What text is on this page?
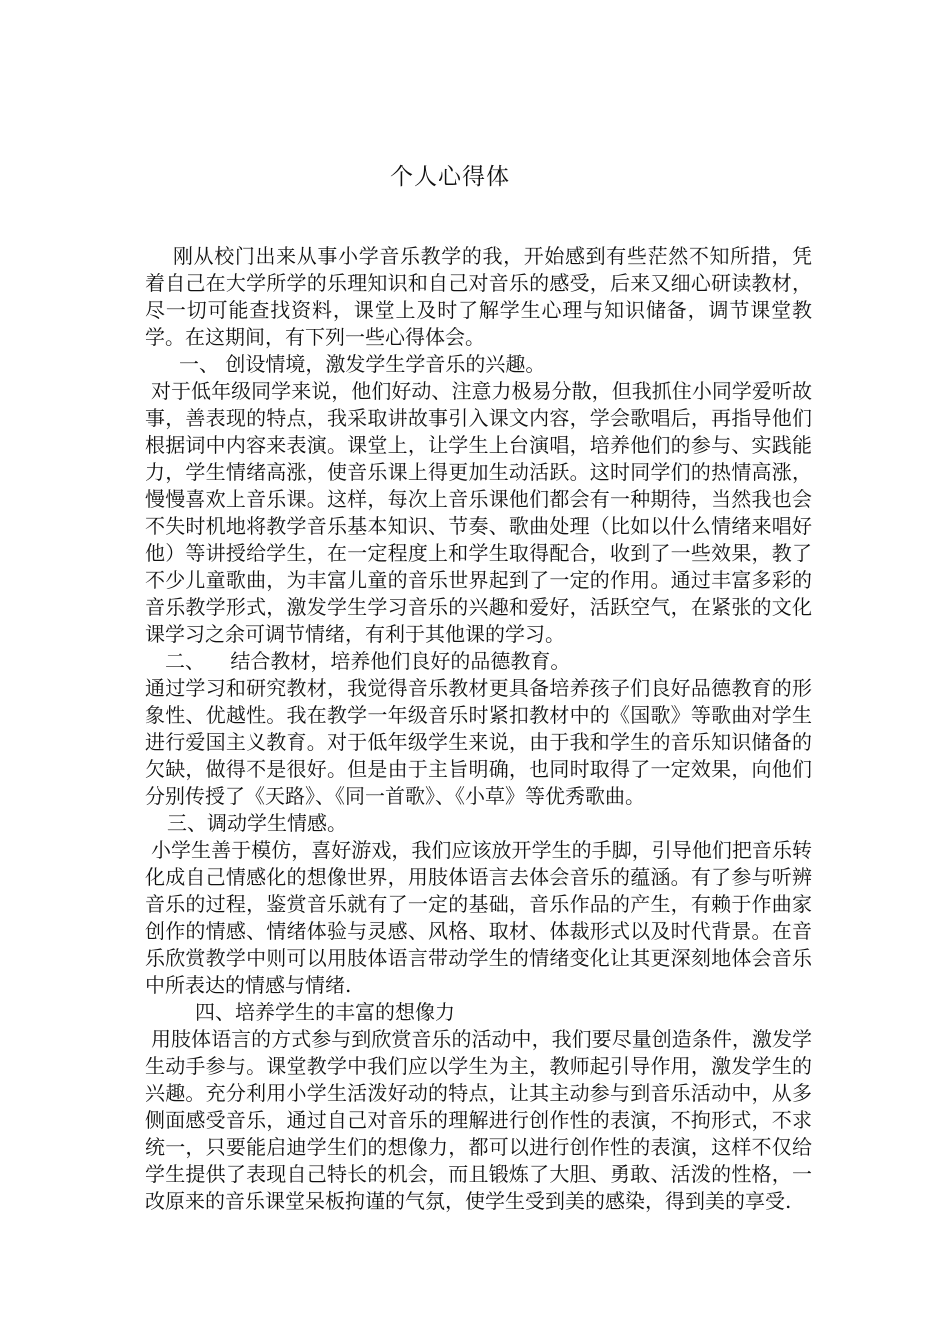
个人心得体

刚从校门出来从事小学音乐教学的我，开始感到有些茫然不知所措，凭着自己在大学所学的乐理知识和自己对音乐的感受，后来又细心研读教材，尽一切可能查找资料，课堂上及时了解学生心理与知识储备，调节课堂教学。在这期间，有下列一些心得体会。

一、 创设情境，激发学生学音乐的兴趣。

对于低年级同学来说，他们好动、注意力极易分散，但我抓住小同学爱听故事，善表现的特点，我采取讲故事引入课文内容，学会歌唱后，再指导他们根据词中内容来表演。课堂上，让学生上台演唱，培养他们的参与、实践能力，学生情绪高涨，使音乐课上得更加生动活跃。这时同学们的热情高涨，慢慢喜欢上音乐课。这样，每次上音乐课他们都会有一种期待，当然我也会不失时机地将教学音乐基本知识、节奏、歌曲处理（比如以什么情绪来唱好他）等讲授给学生，在一定程度上和学生取得配合，收到了一些效果，教了不少儿童歌曲，为丰富儿童的音乐世界起到了一定的作用。通过丰富多彩的音乐教学形式，激发学生学习音乐的兴趣和爱好，活跃空气，在紧张的文化课学习之余可调节情绪，有利于其他课的学习。

二、    结合教材，培养他们良好的品德教育。

通过学习和研究教材，我觉得音乐教材更具备培养孩子们良好品德教育的形象性、优越性。我在教学一年级音乐时紧扣教材中的《国歌》等歌曲对学生进行爱国主义教育。对于低年级学生来说，由于我和学生的音乐知识储备的欠缺，做得不是很好。但是由于主旨明确，也同时取得了一定效果，向他们分别传授了《天路》、《同一首歌》、《小草》等优秀歌曲。

三、调动学生情感。

小学生善于模仿，喜好游戏，我们应该放开学生的手脚，引导他们把音乐转化成自己情感化的想像世界，用肢体语言去体会音乐的蕴涵。有了参与听辨音乐的过程，鉴赏音乐就有了一定的基础，音乐作品的产生，有赖于作曲家创作的情感、情绪体验与灵感、风格、取材、体裁形式以及时代背景。在音乐欣赏教学中则可以用肢体语言带动学生的情绪变化让其更深刻地体会音乐中所表达的情感与情绪.

四、培养学生的丰富的想像力

用肢体语言的方式参与到欣赏音乐的活动中，我们要尽量创造条件，激发学生动手参与。课堂教学中我们应以学生为主，教师起引导作用，激发学生的兴趣。充分利用小学生活泼好动的特点，让其主动参与到音乐活动中，从多侧面感受音乐，通过自己对音乐的理解进行创作性的表演，不拘形式，不求统一，只要能启迪学生们的想像力，都可以进行创作性的表演，这样不仅给学生提供了表现自己特长的机会，而且锻炼了大胆、勇敢、活泼的性格，一改原来的音乐课堂呆板拘谨的气氛，使学生受到美的感染，得到美的享受.
